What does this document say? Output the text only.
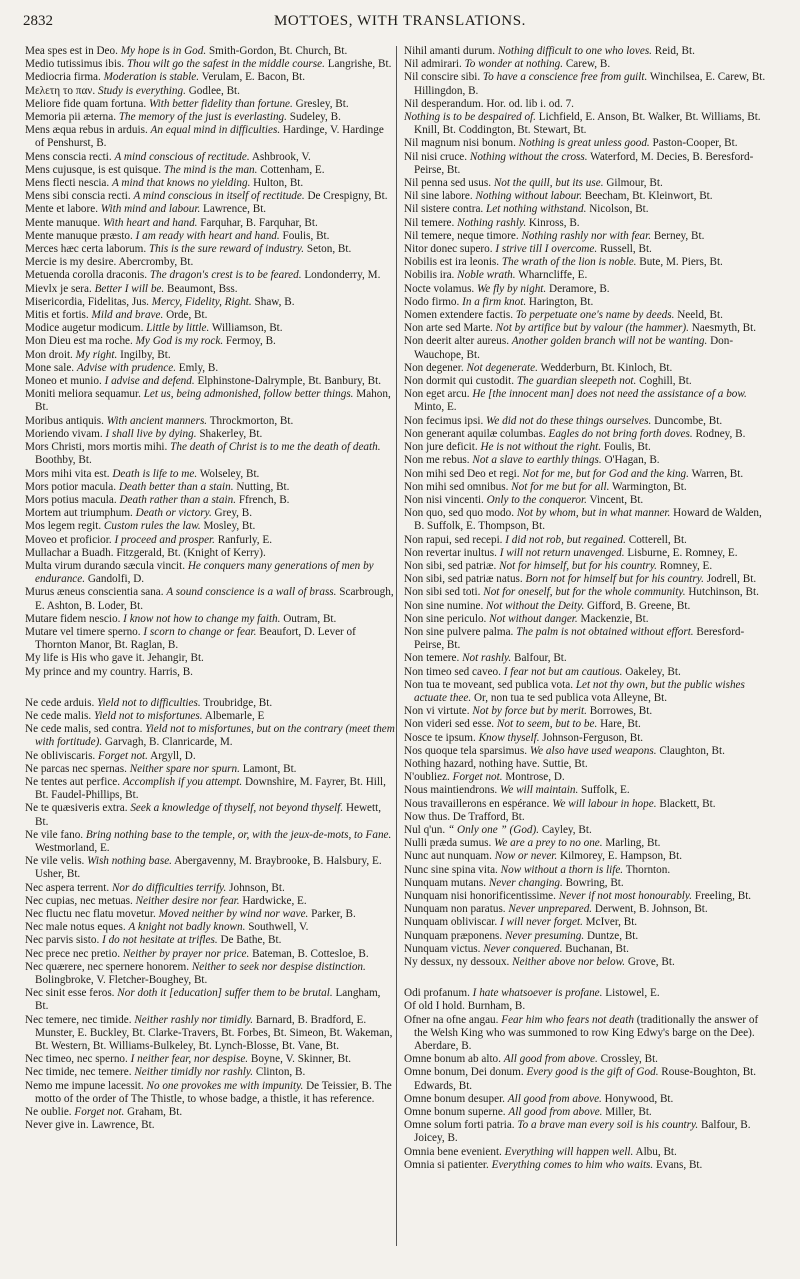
2832	MOTTOES, WITH TRANSLATIONS.

Mea spes est in Deo. My hope is in God. Smith-Gordon, Bt. Church, Bt.

Medio tutissimus ibis. Thou wilt go the safest in the middle course. Langrishe, Bt.

Mediocria firma. Moderation is stable. Verulam, E. Bacon, Bt.

Μελετη το παν. Study is everything. Godlee, Bt.

Meliore fide quam fortuna. With better fidelity than fortune. Gresley, Bt.

Memoria pii æterna. The memory of the just is everlasting. Sudeley, B.

Mens æqua rebus in arduis. An equal mind in difficulties. Hardinge, V. Hardinge of Penshurst, B.

Mens conscia recti. A mind conscious of rectitude. Ashbrook, V.

Mens cujusque, is est quisque. The mind is the man. Cottenham, E.

Mens flecti nescia. A mind that knows no yielding. Hulton, Bt.

Mens sibi conscia recti. A mind conscious in itself of rectitude. De Crespigny, Bt.

Mente et labore. With mind and labour. Lawrence, Bt.

Mente manuque. With heart and hand. Farquhar, B. Farquhar, Bt.

Mente manuque præsto. I am ready with heart and hand. Foulis, Bt.

Merces hæc certa laborum. This is the sure reward of industry. Seton, Bt.

Mercie is my desire. Abercromby, Bt.

Metuenda corolla draconis. The dragon's crest is to be feared. Londonderry, M.

Mievlx je sera. Better I will be. Beaumont, Bss.

Misericordia, Fidelitas, Jus. Mercy, Fidelity, Right. Shaw, B.

Mitis et fortis. Mild and brave. Orde, Bt.

Modice augetur modicum. Little by little. Williamson, Bt.

Mon Dieu est ma roche. My God is my rock. Fermoy, B.

Mon droit. My right. Ingilby, Bt.

Mone sale. Advise with prudence. Emly, B.

Moneo et munio. I advise and defend. Elphinstone-Dalrymple, Bt. Banbury, Bt.

Moniti meliora sequamur. Let us, being admonished, follow better things. Mahon, Bt.

Moribus antiquis. With ancient manners. Throckmorton, Bt.

Moriendo vivam. I shall live by dying. Shakerley, Bt.

Mors Christi, mors mortis mihi. The death of Christ is to me the death of death. Boothby, Bt.

Mors mihi vita est. Death is life to me. Wolseley, Bt.

Mors potior macula. Death better than a stain. Nutting, Bt.

Mors potius macula. Death rather than a stain. Ffrench, B.

Mortem aut triumphum. Death or victory. Grey, B.

Mos legem regit. Custom rules the law. Mosley, Bt.

Moveo et proficior. I proceed and prosper. Ranfurly, E.

Mullachar a Buadh. Fitzgerald, Bt. (Knight of Kerry).

Multa virum durando sæcula vincit. He conquers many generations of men by endurance. Gandolfi, D.

Murus æneus conscientia sana. A sound conscience is a wall of brass. Scarbrough, E. Ashton, B. Loder, Bt.

Mutare fidem nescio. I know not how to change my faith. Outram, Bt.

Mutare vel timere sperno. I scorn to change or fear. Beaufort, D. Lever of Thornton Manor, Bt. Raglan, B.

My life is His who gave it. Jehangir, Bt.

My prince and my country. Harris, B.

Ne cede arduis. Yield not to difficulties. Troubridge, Bt.

Ne cede malis. Yield not to misfortunes. Albemarle, E

Ne cede malis, sed contra. Yield not to misfortunes, but on the contrary (meet them with fortitude). Garvagh, B. Clanricarde, M.

Ne obliviscaris. Forget not. Argyll, D.

Ne parcas nec spernas. Neither spare nor spurn. Lamont, Bt.

Ne tentes aut perfice. Accomplish if you attempt. Downshire, M. Fayrer, Bt. Hill, Bt. Faudel-Phillips, Bt.

Ne te quæsiveris extra. Seek a knowledge of thyself, not beyond thyself. Hewett, Bt.

Ne vile fano. Bring nothing base to the temple, or, with the jeux-de-mots, to Fane. Westmorland, E.

Ne vile velis. Wish nothing base. Abergavenny, M. Braybrooke, B. Halsbury, E. Usher, Bt.

Nec aspera terrent. Nor do difficulties terrify. Johnson, Bt.

Nec cupias, nec metuas. Neither desire nor fear. Hardwicke, E.

Nec fluctu nec flatu movetur. Moved neither by wind nor wave. Parker, B.

Nec male notus eques. A knight not badly known. Southwell, V.

Nec parvis sisto. I do not hesitate at trifles. De Bathe, Bt.

Nec prece nec pretio. Neither by prayer nor price. Bateman, B. Cottesloe, B.

Nec quærere, nec spernere honorem. Neither to seek nor despise distinction. Bolingbroke, V. Fletcher-Boughey, Bt.

Nec sinit esse feros. Nor doth it [education] suffer them to be brutal. Langham, Bt.

Nec temere, nec timide. Neither rashly nor timidly. Barnard, B. Bradford, E. Munster, E. Buckley, Bt. Clarke-Travers, Bt. Forbes, Bt. Simeon, Bt. Wakeman, Bt. Western, Bt. Williams-Bulkeley, Bt. Lynch-Blosse, Bt. Vane, Bt.

Nec timeo, nec sperno. I neither fear, nor despise. Boyne, V. Skinner, Bt.

Nec timide, nec temere. Neither timidly nor rashly. Clinton, B.

Nemo me impune lacessit. No one provokes me with impunity. De Teissier, B. The motto of the order of The Thistle, to whose badge, a thistle, it has reference.

Ne oublie. Forget not. Graham, Bt.

Never give in. Lawrence, Bt.

Nihil amanti durum. Nothing difficult to one who loves. Reid, Bt.

Nil admirari. To wonder at nothing. Carew, B.

Nil conscire sibi. To have a conscience free from guilt. Winchilsea, E. Carew, Bt. Hillingdon, B.

Nil desperandum. Hor. od. lib i. od. 7.

Nothing is to be despaired of. Lichfield, E. Anson, Bt. Walker, Bt. Williams, Bt. Knill, Bt. Coddington, Bt. Stewart, Bt.

Nil magnum nisi bonum. Nothing is great unless good. Paston-Cooper, Bt.

Nil nisi cruce. Nothing without the cross. Waterford, M. Decies, B. Beresford-Peirse, Bt.

Nil penna sed usus. Not the quill, but its use. Gilmour, Bt.

Nil sine labore. Nothing without labour. Beecham, Bt. Kleinwort, Bt.

Nil sistere contra. Let nothing withstand. Nicolson, Bt.

Nil temere. Nothing rashly. Kinross, B.

Nil temere, neque timore. Nothing rashly nor with fear. Berney, Bt.

Nitor donec supero. I strive till I overcome. Russell, Bt.

Nobilis est ira leonis. The wrath of the lion is noble. Bute, M. Piers, Bt.

Nobilis ira. Noble wrath. Wharncliffe, E.

Nocte volamus. We fly by night. Deramore, B.

Nodo firmo. In a firm knot. Harington, Bt.

Nomen extendere factis. To perpetuate one's name by deeds. Neeld, Bt.

Non arte sed Marte. Not by artifice but by valour (the hammer). Naesmyth, Bt.

Non deerit alter aureus. Another golden branch will not be wanting. Don-Wauchope, Bt.

Non degener. Not degenerate. Wedderburn, Bt. Kinloch, Bt.

Non dormit qui custodit. The guardian sleepeth not. Coghill, Bt.

Non eget arcu. He [the innocent man] does not need the assistance of a bow. Minto, E.

Non fecimus ipsi. We did not do these things ourselves. Duncombe, Bt.

Non generant aquilæ columbas. Eagles do not bring forth doves. Rodney, B.

Non jure deficit. He is not without the right. Foulis, Bt.

Non me rebus. Not a slave to earthly things. O'Hagan, B.

Non mihi sed Deo et regi. Not for me, but for God and the king. Warren, Bt.

Non mihi sed omnibus. Not for me but for all. Warmington, Bt.

Non nisi vincenti. Only to the conqueror. Vincent, Bt.

Non quo, sed quo modo. Not by whom, but in what manner. Howard de Walden, B. Suffolk, E. Thompson, Bt.

Non rapui, sed recepi. I did not rob, but regained. Cotterell, Bt.

Non revertar inultus. I will not return unavenged. Lisburne, E. Romney, E.

Non sibi, sed patriæ. Not for himself, but for his country. Romney, E.

Non sibi, sed patriæ natus. Born not for himself but for his country. Jodrell, Bt.

Non sibi sed toti. Not for oneself, but for the whole community. Hutchinson, Bt.

Non sine numine. Not without the Deity. Gifford, B. Greene, Bt.

Non sine periculo. Not without danger. Mackenzie, Bt.

Non sine pulvere palma. The palm is not obtained without effort. Beresford-Peirse, Bt.

Non temere. Not rashly. Balfour, Bt.

Non timeo sed caveo. I fear not but am cautious. Oakeley, Bt.

Non tua te moveant, sed publica vota. Let not thy own, but the public wishes actuate thee. Or, non tua te sed publica vota Alleyne, Bt.

Non vi virtute. Not by force but by merit. Borrowes, Bt.

Non videri sed esse. Not to seem, but to be. Hare, Bt.

Nosce te ipsum. Know thyself. Johnson-Ferguson, Bt.

Nos quoque tela sparsimus. We also have used weapons. Claughton, Bt.

Nothing hazard, nothing have. Suttie, Bt.

N'oubliez. Forget not. Montrose, D.

Nous maintiendrons. We will maintain. Suffolk, E.

Nous travaillerons en espérance. We will labour in hope. Blackett, Bt.

Now thus. De Trafford, Bt.

Nul q'un. “ Only one ” (God). Cayley, Bt.

Nulli præda sumus. We are a prey to no one. Marling, Bt.

Nunc aut nunquam. Now or never. Kilmorey, E. Hampson, Bt.

Nunc sine spina vita. Now without a thorn is life. Thornton.

Nunquam mutans. Never changing. Bowring, Bt.

Nunquam nisi honorificentissime. Never if not most honourably. Freeling, Bt.

Nunquam non paratus. Never unprepared. Derwent, B. Johnson, Bt.

Nunquam obliviscar. I will never forget. McIver, Bt.

Nunquam præponens. Never presuming. Duntze, Bt.

Nunquam victus. Never conquered. Buchanan, Bt.

Ny dessux, ny dessoux. Neither above nor below. Grove, Bt.

Odi profanum. I hate whatsoever is profane. Listowel, E.

Of old I hold. Burnham, B.

Ofner na ofne angau. Fear him who fears not death (traditionally the answer of the Welsh King who was summoned to row King Edwy's barge on the Dee). Aberdare, B.

Omne bonum ab alto. All good from above. Crossley, Bt.

Omne bonum, Dei donum. Every good is the gift of God. Rouse-Boughton, Bt. Edwards, Bt.

Omne bonum desuper. All good from above. Honywood, Bt.

Omne bonum superne. All good from above. Miller, Bt.

Omne solum forti patria. To a brave man every soil is his country. Balfour, B. Joicey, B.

Omnia bene evenient. Everything will happen well. Albu, Bt.

Omnia si patienter. Everything comes to him who waits. Evans, Bt.
